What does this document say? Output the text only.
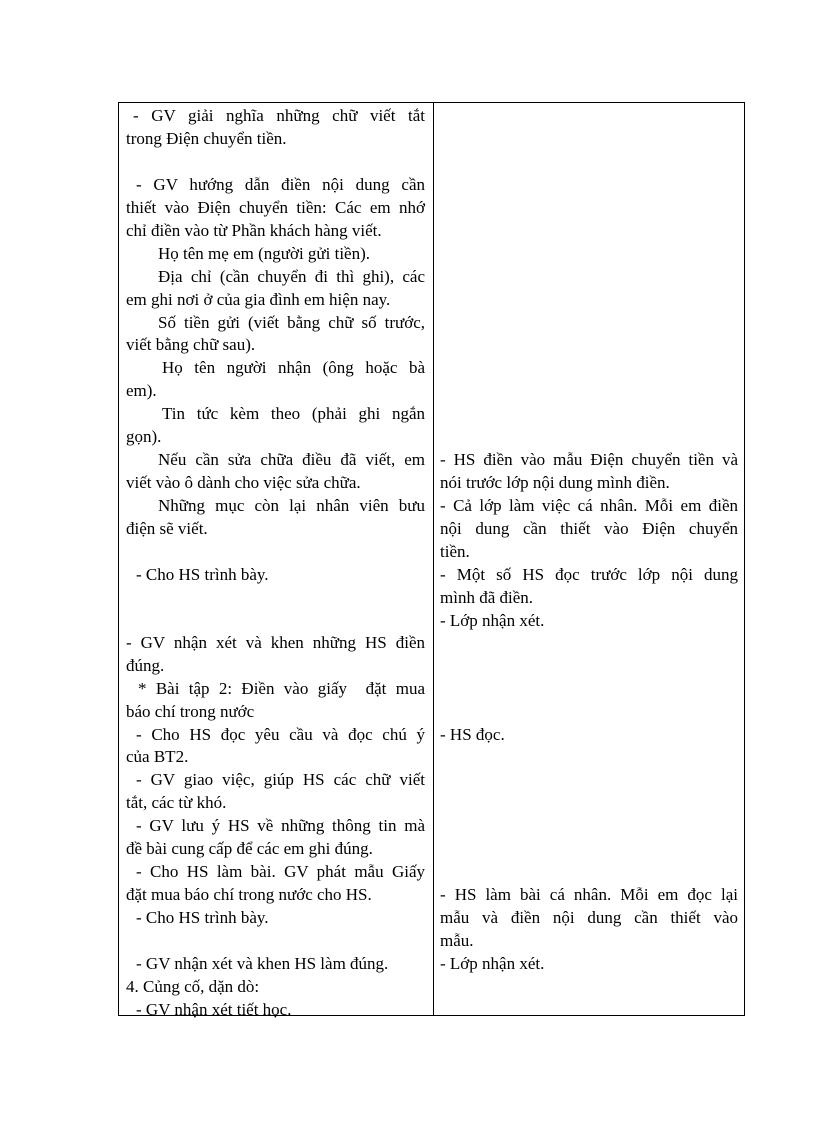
- GV giải nghĩa những chữ viết tắt
trong Điện chuyển tiền.
- GV hướng dẫn điền nội dung cần
thiết vào Điện chuyển tiền: Các em nhớ
chỉ điền vào từ Phần khách hàng viết.
Họ tên mẹ em (người gửi tiền).
Địa chỉ (cần chuyển đi thì ghi), các
em ghi nơi ở của gia đình em hiện nay.
Số tiền gửi (viết bằng chữ số trước,
viết bằng chữ sau).
Họ tên người nhận (ông hoặc bà
em).
Tin tức kèm theo (phải ghi ngắn
gọn).
Nếu cần sửa chữa điều đã viết, em
viết vào ô dành cho việc sửa chữa.
Những mục còn lại nhân viên bưu
điện sẽ viết.
- Cho HS trình bày.
- GV nhận xét và khen những HS điền
đúng.
* Bài tập 2: Điền vào giấy  đặt mua
báo chí trong nước
- Cho HS đọc yêu cầu và đọc chú ý
của BT2.
- GV giao việc, giúp HS các chữ viết
tắt, các từ khó.
- GV lưu ý HS về những thông tin mà
đề bài cung cấp để các em ghi đúng.
- Cho HS làm bài. GV phát mẫu Giấy
đặt mua báo chí trong nước cho HS.
- Cho HS trình bày.
- GV nhận xét và khen HS làm đúng.
4. Củng cố, dặn dò:
- GV nhận xét tiết học.
- HS điền vào mẫu Điện chuyển tiền và
nói trước lớp nội dung mình điền.
- Cả lớp làm việc cá nhân. Mỗi em điền
nội dung cần thiết vào Điện chuyển
tiền.
- Một số HS đọc trước lớp nội dung
mình đã điền.
- Lớp nhận xét.
- HS đọc.
- HS làm bài cá nhân. Mỗi em đọc lại
mẫu và điền nội dung cần thiết vào
mẫu.
- Lớp nhận xét.
